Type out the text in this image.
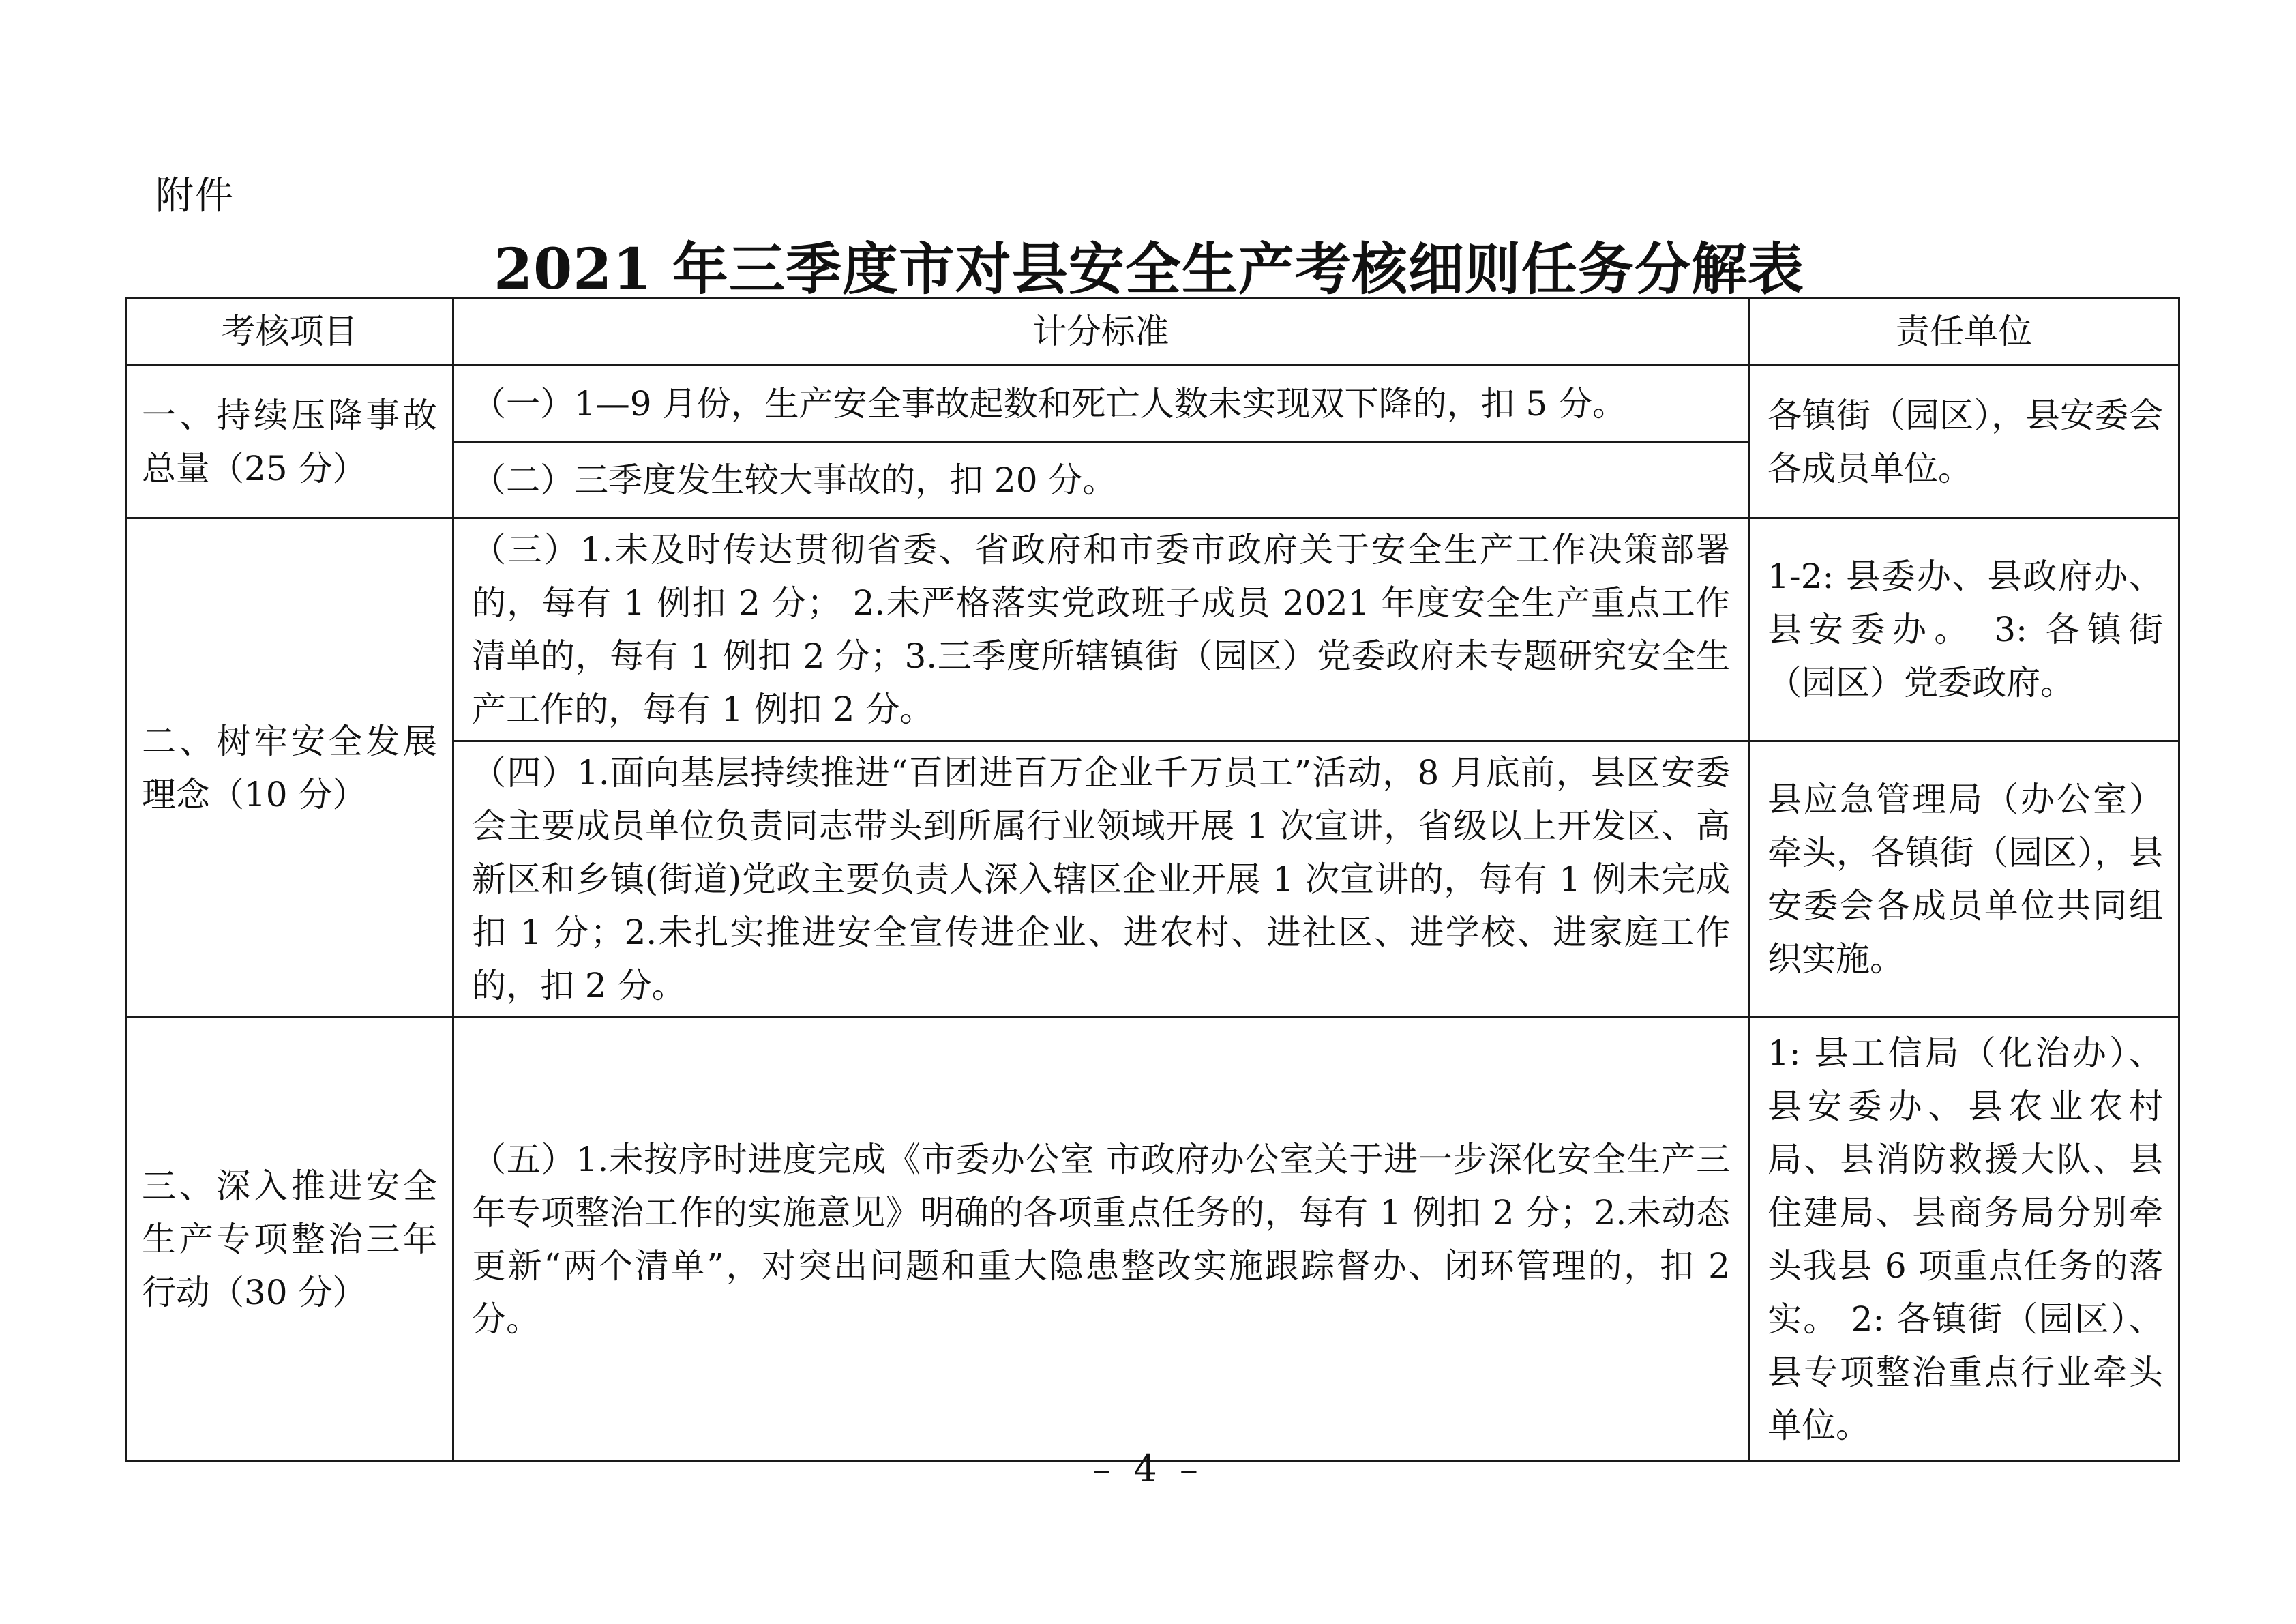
附件
2021 年三季度市对县安全生产考核细则任务分解表
考核项目	计分标准	责任单位
一、持续压降事故总量（25 分）	（一）1—9 月份，生产安全事故起数和死亡人数未实现双下降的，扣 5 分。	各镇街（园区），县安委会各成员单位。
	（二）三季度发生较大事故的，扣 20 分。	
二、树牢安全发展理念（10 分）	（三）1.未及时传达贯彻省委、省政府和市委市政府关于安全生产工作决策部署的，每有 1 例扣 2 分； 2.未严格落实党政班子成员 2021 年度安全生产重点工作清单的，每有 1 例扣 2 分；3.三季度所辖镇街（园区）党委政府未专题研究安全生产工作的，每有 1 例扣 2 分。	1-2: 县委办、县政府办、县安委办。 3: 各镇街（园区）党委政府。
	（四）1.面向基层持续推进“百团进百万企业千万员工”活动，8 月底前，县区安委会主要成员单位负责同志带头到所属行业领域开展 1 次宣讲，省级以上开发区、高新区和乡镇(街道)党政主要负责人深入辖区企业开展 1 次宣讲的，每有 1 例未完成扣 1 分；2.未扎实推进安全宣传进企业、进农村、进社区、进学校、进家庭工作的，扣 2 分。	县应急管理局（办公室）牵头，各镇街（园区），县安委会各成员单位共同组织实施。
三、深入推进安全生产专项整治三年行动（30 分）	（五）1.未按序时进度完成《市委办公室 市政府办公室关于进一步深化安全生产三年专项整治工作的实施意见》明确的各项重点任务的，每有 1 例扣 2 分；2.未动态更新“两个清单”，对突出问题和重大隐患整改实施跟踪督办、闭环管理的，扣 2 分。	1: 县工信局（化治办）、县安委办、县农业农村局、县消防救援大队、县住建局、县商务局分别牵头我县 6 项重点任务的落实。 2: 各镇街（园区）、县专项整治重点行业牵头单位。
– 4 –
